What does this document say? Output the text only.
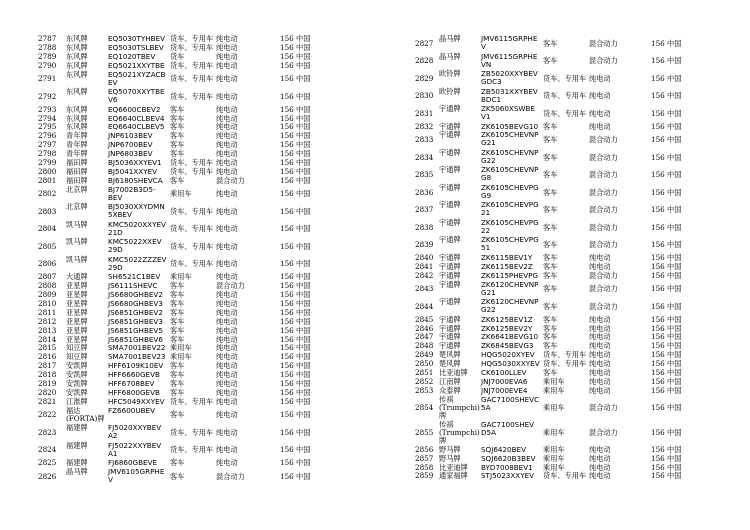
2787 东风牌	EQ5030TYHBEV 货车、专用车 纯电动	156 中国
2788 东风牌	EQ5030TSLBEV 货车、专用车 纯电动	156 中国
2789 东风牌	EQ1020TBEV 货车	纯电动	156 中国
2790 东风牌	EQ5021XXYTBE 货车、专用车 纯电动	156 中国
2791
东风牌	EQ5021XYZACB
EV	货车、专用车 纯电动	156 中国
2792
东风牌	EQ5070XXYTBE
V6	货车、专用车 纯电动	156 中国
2793 东风牌	EQ6600CBEV2 客车	纯电动	156 中国
2794 东风牌	EQ6640CLBEV4 客车	纯电动	156 中国
2795 东风牌	EQ6640CLBEV5 客车	纯电动	156 中国
2796 青年牌	JNP6103BEV 客车	纯电动	156 中国
2797 青年牌	JNP6700BEV 客车	纯电动	156 中国
2798 青年牌	JNP6803BEV 客车	纯电动	156 中国
2799 福田牌	BJ5036XXYEV1 货车、专用车 纯电动	156 中国
2800 福田牌	BJ5041XXYEV 货车、专用车 纯电动	156 中国
2801 福田牌	BJ6180SHEVCA 客车	混合动力	156 中国
2802
北京牌	BJ7002B3D5-
BEV	乘用车	纯电动	156 中国
2803
北京牌	BJ5030XXYDMN
5XBEV	货车、专用车 纯电动	156 中国
2804
凯马牌	KMC5020XXYEV
21D	货车、专用车 纯电动	156 中国
2805
凯马牌	KMC5022XXEV
29D	货车、专用车 纯电动	156 中国
2806
凯马牌	KMC5022ZZZEV
29D	货车、专用车 纯电动	156 中国
2807 大通牌	SH6521C1BEV 乘用车	纯电动	156 中国
2808 亚星牌	JS6111SHEVC 客车	混合动力	156 中国
2809 亚星牌	JS6680GHBEV2 客车	纯电动	156 中国
2810 亚星牌	JS6680GHBEV3 客车	纯电动	156 中国
2811 亚星牌	JS6851GHBEV2 客车	纯电动	156 中国
2812 亚星牌	JS6851GHBEV3 客车	纯电动	156 中国
2813 亚星牌	JS6851GHBEV5 客车	纯电动	156 中国
2814 亚星牌	JS6851GHBEV6 客车	纯电动	156 中国
2815 知豆牌	SMA7001BEV22 乘用车	纯电动	156 中国
2816 知豆牌	SMA7001BEV23 乘用车	纯电动	156 中国
2817 安凯牌	HFF6109K10EV 客车	纯电动	156 中国
2818 安凯牌	HFF6660GEVB 客车	纯电动	156 中国
2819 安凯牌	HFF6708BEV 客车	纯电动	156 中国
2820 安凯牌	HFF6800GEVB 客车	纯电动	156 中国
2821 江淮牌	HFC5049XXYEV 货车、专用车 纯电动	156 中国
2822
福达
(FORTA)牌
FZ6600UBEV
客车	纯电动	156 中国
2823
福建牌	FJ5020XXYBEV
A2	货车、专用车 纯电动	156 中国
2824
福建牌	FJ5022XXYBEV
A1	货车、专用车 纯电动	156 中国
2825 福建牌	FJ6860GBEVE 客车	纯电动	156 中国
2826
晶马牌	JMV6105GRPHE
V	客车	混合动力	156 中国
2827
晶马牌	JMV6115GRPHE
V	客车	混合动力	156 中国
2828
晶马牌	JMV6115GRPHE
VN	客车	混合动力	156 中国
2829
欧铃牌	ZB5020XXYBEV
GDC3	货车、专用车 纯电动	156 中国
2830
欧铃牌	ZB5031XXYBEV
BDC1	货车、专用车 纯电动	156 中国
2831
宇通牌	ZK5060XSWBE
V1	货车、专用车 纯电动	156 中国
2832 宇通牌	ZK6105BEVG10 客车	纯电动	156 中国
2833
宇通牌	ZK6105CHEVNP
G21	客车	混合动力	156 中国
2834
宇通牌	ZK6105CHEVNP
G22	客车	混合动力	156 中国
2835
宇通牌	ZK6105CHEVNP
G8	客车	混合动力	156 中国
2836
宇通牌	ZK6105CHEVPG
G9	客车	混合动力	156 中国
2837
宇通牌	ZK6105CHEVPG
21	客车	混合动力	156 中国
2838
宇通牌	ZK6105CHEVPG
22	客车	混合动力	156 中国
2839
宇通牌	ZK6105CHEVPG
51	客车	混合动力	156 中国
2840 宇通牌	ZK6115BEV1Y 客车	纯电动	156 中国
2841 宇通牌	ZK6115BEV2Z 客车	纯电动	156 中国
2842 宇通牌	ZK6115PHEVPG 客车	混合动力	156 中国
2843
宇通牌	ZK6120CHEVNP
G21	客车	混合动力	156 中国
2844
宇通牌	ZK6120CHEVNP
G22	客车	混合动力	156 中国
2845 宇通牌	ZK6125BEV1Z 客车	纯电动	156 中国
2846 宇通牌	ZK6125BEV2Y 客车	纯电动	156 中国
2847 宇通牌	ZK6641BEVG10 客车	纯电动	156 中国
2848 宇通牌	ZK6845BEVG3 客车	纯电动	156 中国
2849 楚风牌	HQG5020XYEV 货车、专用车 纯电动	156 中国
2850 楚风牌	HQG5030XXYEV 货车、专用车 纯电动	156 中国
2851 比亚迪牌 CK6100LLEV 客车	纯电动	156 中国
2852 江南牌	JNJ7000EVA6 乘用车	纯电动	156 中国
2853 众泰牌	JNJ7000EVE4 乘用车	纯电动	156 中国
2854
传祺
(Trumpchi)
牌
GAC7100SHEVC
5A	乘用车	混合动力	156 中国
2855
传祺
(Trumpchi)
牌
GAC7100SHEV
D5A	乘用车	混合动力	156 中国
2856 野马牌	SQJ6420BEV 乘用车	纯电动	156 中国
2857 野马牌	SQJ6620B3BEV 乘用车	纯电动	156 中国
2858 比亚迪牌 BYD7008BEV1 乘用车	纯电动	156 中国
2859 通家福牌 STJ5023XXYEV 货车、专用车 纯电动	156 中国
